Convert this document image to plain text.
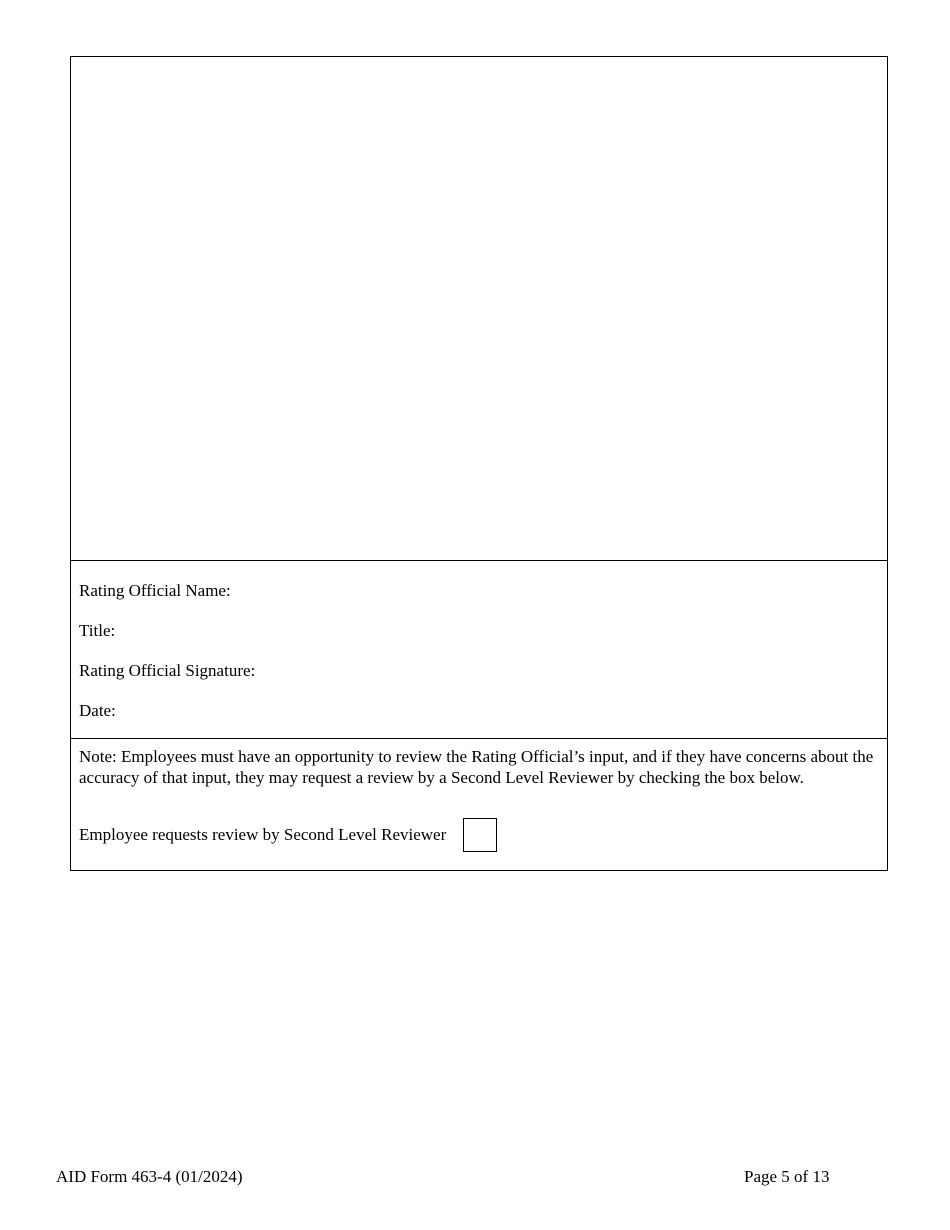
Rating Official Name:
Title:
Rating Official Signature:
Date:
Note: Employees must have an opportunity to review the Rating Official’s input, and if they have concerns about the accuracy of that input, they may request a review by a Second Level Reviewer by checking the box below.
Employee requests review by Second Level Reviewer
AID Form 463-4 (01/2024)	Page 5 of 13
